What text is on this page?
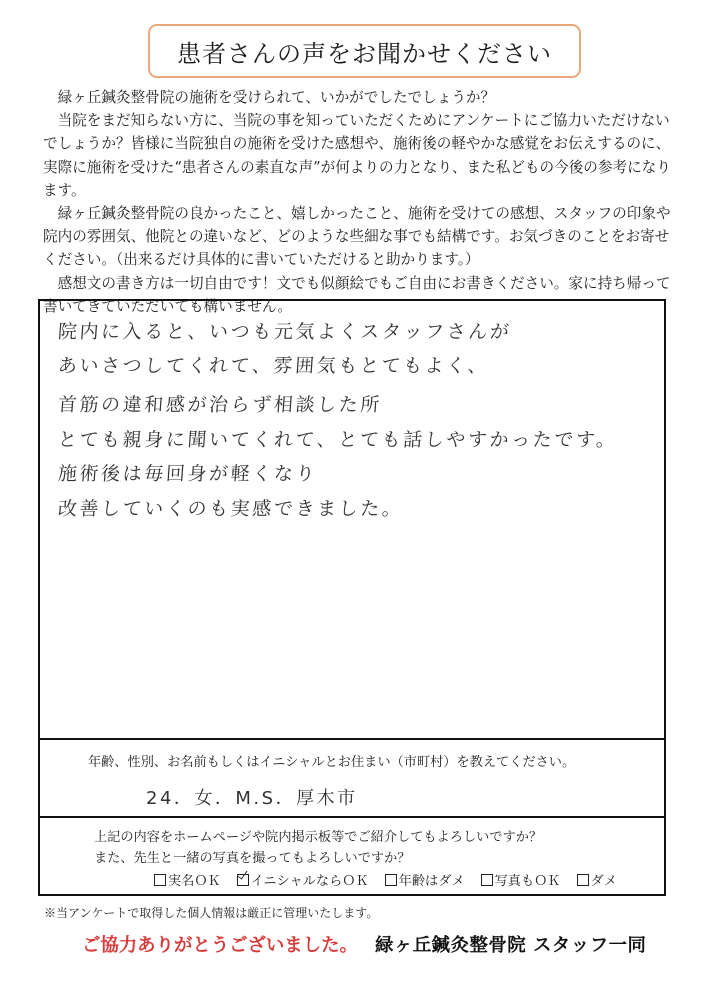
患者さんの声をお聞かせください

緑ヶ丘鍼灸整骨院の施術を受けられて、いかがでしたでしょうか？

当院をまだ知らない方に、当院の事を知っていただくためにアンケートにご協力いただけないでしょうか？皆様に当院独自の施術を受けた感想や、施術後の軽やかな感覚をお伝えするのに、実際に施術を受けた“患者さんの素直な声”が何よりの力となり、また私どもの今後の参考になります。

緑ヶ丘鍼灸整骨院の良かったこと、嬉しかったこと、施術を受けての感想、スタッフの印象や院内の雰囲気、他院との違いなど、どのような些細な事でも結構です。お気づきのことをお寄せください。（出来るだけ具体的に書いていただけると助かります。）

感想文の書き方は一切自由です！文でも似顔絵でもご自由にお書きください。家に持ち帰って書いてきていただいても構いません。

院内に入ると、いつも元気よくスタッフさんが
あいさつしてくれて、雰囲気もとてもよく、
首筋の違和感が治らず相談した所
とても親身に聞いてくれて、とても話しやすかったです。
施術後は毎回身が軽くなり
改善していくのも実感できました。
年齢、性別、お名前もしくはイニシャルとお住まい（市町村）を教えてください。
24．女．M.S．厚木市
上記の内容をホームページや院内掲示板等でご紹介してもよろしいですか？
また、先生と一緒の写真を撮ってもよろしいですか？
実名ＯＫ イニシャルならＯＫ 年齢はダメ 写真もＯＫ ダメ
※当アンケートで取得した個人情報は厳正に管理いたします。
ご協力ありがとうございました。 緑ヶ丘鍼灸整骨院 スタッフ一同
